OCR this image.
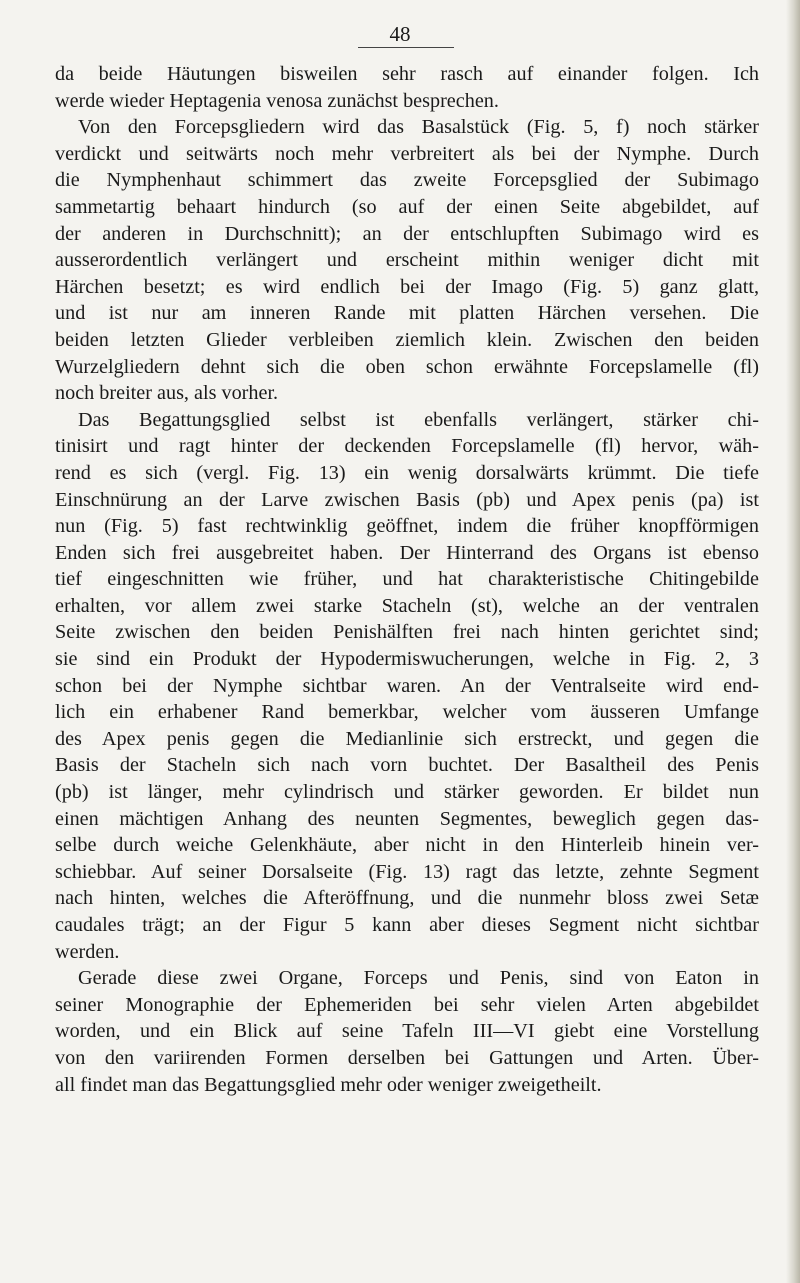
48
da beide Häutungen bisweilen sehr rasch auf einander folgen. Ich
werde wieder Heptagenia venosa zunächst besprechen.
Von den Forcepsgliedern wird das Basalstück (Fig. 5, f) noch stärker
verdickt und seitwärts noch mehr verbreitert als bei der Nymphe. Durch
die Nymphenhaut schimmert das zweite Forcepsglied der Subimago
sammetartig behaart hindurch (so auf der einen Seite abgebildet, auf
der anderen in Durchschnitt); an der entschlupften Subimago wird es
ausserordentlich verlängert und erscheint mithin weniger dicht mit
Härchen besetzt; es wird endlich bei der Imago (Fig. 5) ganz glatt,
und ist nur am inneren Rande mit platten Härchen versehen. Die
beiden letzten Glieder verbleiben ziemlich klein. Zwischen den beiden
Wurzelgliedern dehnt sich die oben schon erwähnte Forcepslamelle (fl)
noch breiter aus, als vorher.
Das Begattungsglied selbst ist ebenfalls verlängert, stärker chi-
tinisirt und ragt hinter der deckenden Forcepslamelle (fl) hervor, wäh-
rend es sich (vergl. Fig. 13) ein wenig dorsalwärts krümmt. Die tiefe
Einschnürung an der Larve zwischen Basis (pb) und Apex penis (pa) ist
nun (Fig. 5) fast rechtwinklig geöffnet, indem die früher knopfförmigen
Enden sich frei ausgebreitet haben. Der Hinterrand des Organs ist ebenso
tief eingeschnitten wie früher, und hat charakteristische Chitingebilde
erhalten, vor allem zwei starke Stacheln (st), welche an der ventralen
Seite zwischen den beiden Penishälften frei nach hinten gerichtet sind;
sie sind ein Produkt der Hypodermiswucherungen, welche in Fig. 2, 3
schon bei der Nymphe sichtbar waren. An der Ventralseite wird end-
lich ein erhabener Rand bemerkbar, welcher vom äusseren Umfange
des Apex penis gegen die Medianlinie sich erstreckt, und gegen die
Basis der Stacheln sich nach vorn buchtet. Der Basaltheil des Penis
(pb) ist länger, mehr cylindrisch und stärker geworden. Er bildet nun
einen mächtigen Anhang des neunten Segmentes, beweglich gegen das-
selbe durch weiche Gelenkhäute, aber nicht in den Hinterleib hinein ver-
schiebbar. Auf seiner Dorsalseite (Fig. 13) ragt das letzte, zehnte Segment
nach hinten, welches die Afteröffnung, und die nunmehr bloss zwei Setæ
caudales trägt; an der Figur 5 kann aber dieses Segment nicht sichtbar
werden.
Gerade diese zwei Organe, Forceps und Penis, sind von Eaton in
seiner Monographie der Ephemeriden bei sehr vielen Arten abgebildet
worden, und ein Blick auf seine Tafeln III—VI giebt eine Vorstellung
von den variirenden Formen derselben bei Gattungen und Arten. Über-
all findet man das Begattungsglied mehr oder weniger zweigetheilt.
